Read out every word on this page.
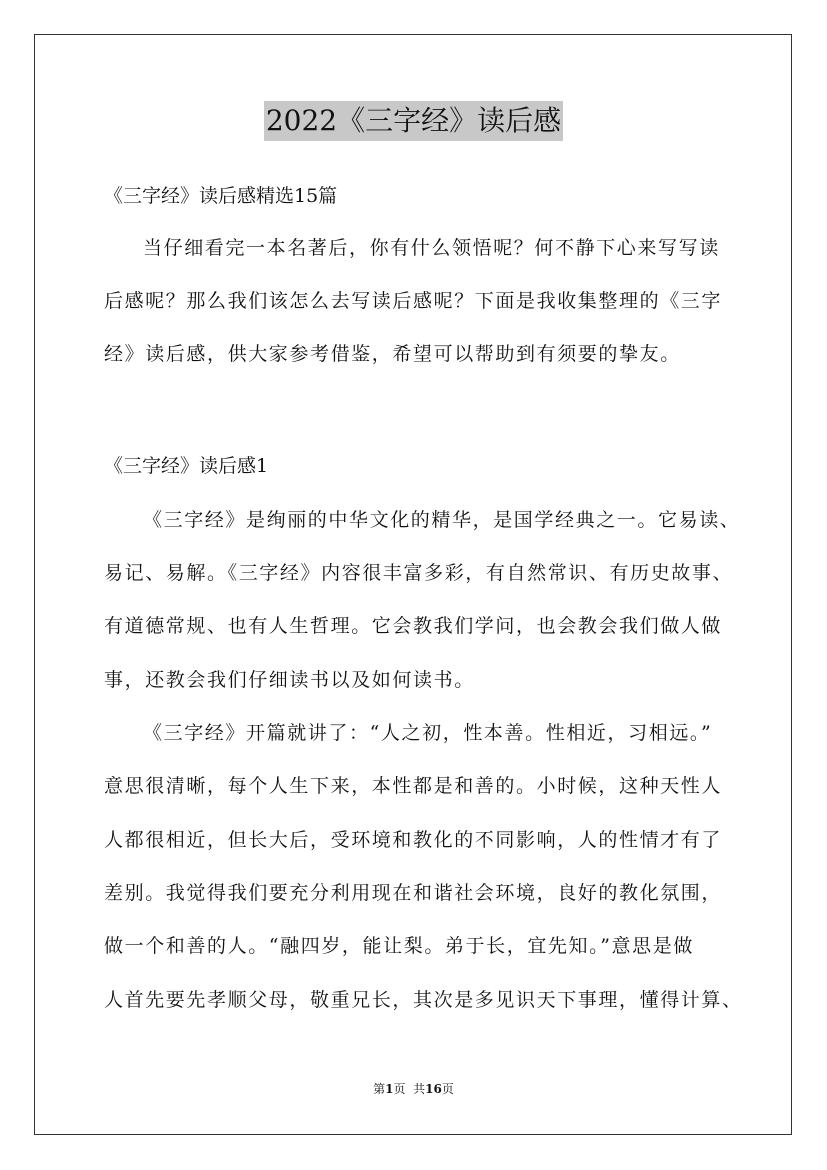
2022《三字经》读后感
《三字经》读后感精选15篇
当仔细看完一本名著后，你有什么领悟呢？何不静下心来写写读
后感呢？那么我们该怎么去写读后感呢？下面是我收集整理的《三字
经》读后感，供大家参考借鉴，希望可以帮助到有须要的挚友。
《三字经》读后感1
《三字经》是绚丽的中华文化的精华，是国学经典之一。它易读、
易记、易解。《三字经》内容很丰富多彩，有自然常识、有历史故事、
有道德常规、也有人生哲理。它会教我们学问，也会教会我们做人做
事，还教会我们仔细读书以及如何读书。
《三字经》开篇就讲了：“人之初，性本善。性相近，习相远。”
意思很清晰，每个人生下来，本性都是和善的。小时候，这种天性人
人都很相近，但长大后，受环境和教化的不同影响，人的性情才有了
差别。我觉得我们要充分利用现在和谐社会环境，良好的教化氛围，
做一个和善的人。“融四岁，能让梨。弟于长，宜先知。”意思是做
人首先要先孝顺父母，敬重兄长，其次是多见识天下事理，懂得计算、
第1页 共16页
